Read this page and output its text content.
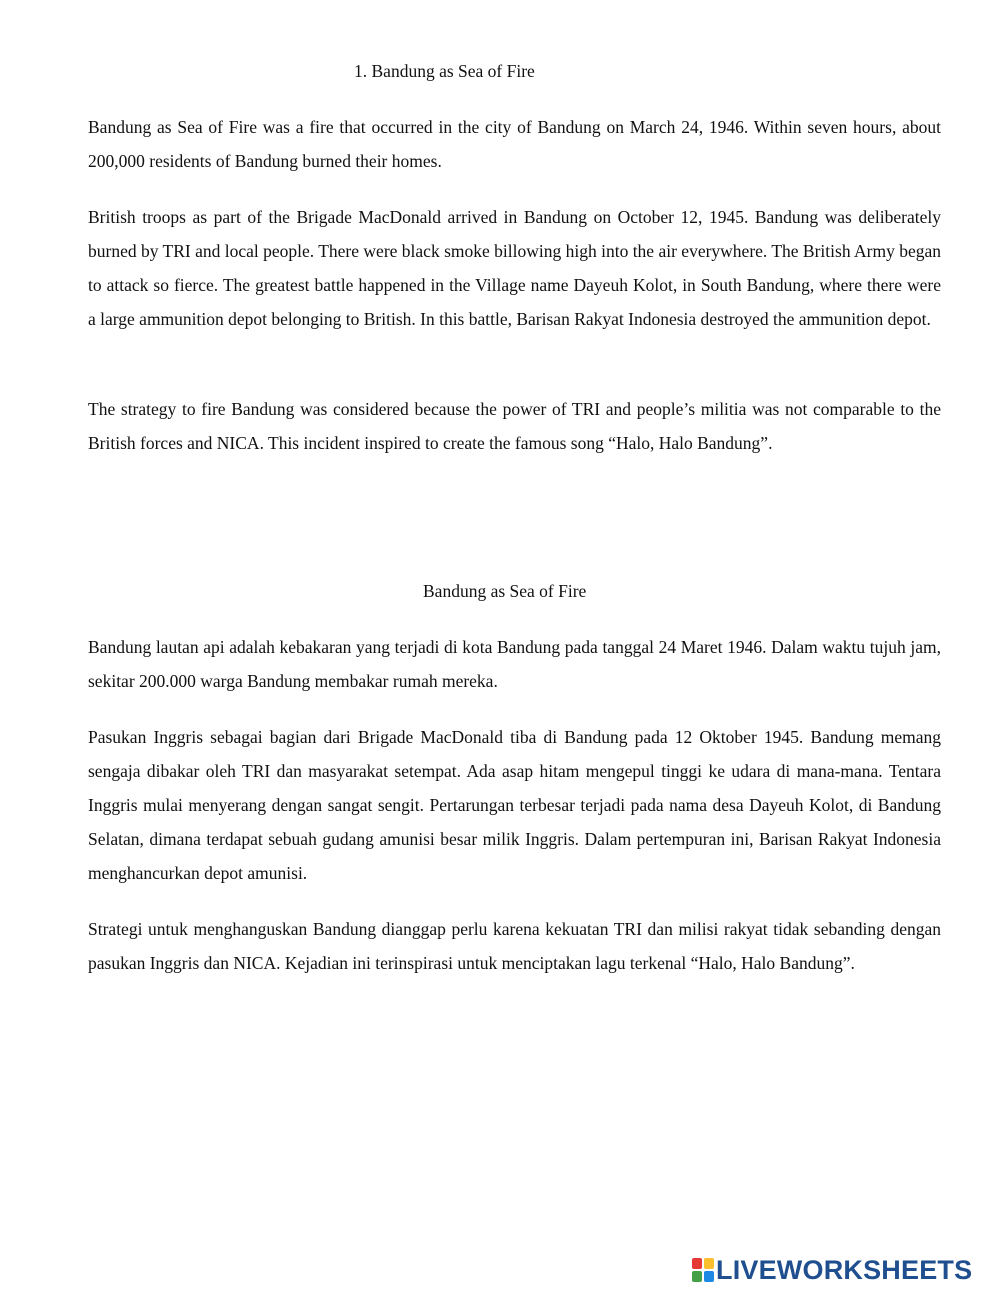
1. Bandung as Sea of Fire

Bandung as Sea of Fire was a fire that occurred in the city of Bandung on March 24, 1946. Within seven hours, about 200,000 residents of Bandung burned their homes.

British troops as part of the Brigade MacDonald arrived in Bandung on October 12, 1945. Bandung was deliberately burned by TRI and local people. There were black smoke billowing high into the air everywhere. The British Army began to attack so fierce. The greatest battle happened in the Village name Dayeuh Kolot, in South Bandung, where there were a large ammunition depot belonging to British. In this battle, Barisan Rakyat Indonesia destroyed the ammunition depot.

The strategy to fire Bandung was considered because the power of TRI and people’s militia was not comparable to the British forces and NICA. This incident inspired to create the famous song “Halo, Halo Bandung”.

Bandung as Sea of Fire

Bandung lautan api adalah kebakaran yang terjadi di kota Bandung pada tanggal 24 Maret 1946. Dalam waktu tujuh jam, sekitar 200.000 warga Bandung membakar rumah mereka.

Pasukan Inggris sebagai bagian dari Brigade MacDonald tiba di Bandung pada 12 Oktober 1945. Bandung memang sengaja dibakar oleh TRI dan masyarakat setempat. Ada asap hitam mengepul tinggi ke udara di mana-mana. Tentara Inggris mulai menyerang dengan sangat sengit. Pertarungan terbesar terjadi pada nama desa Dayeuh Kolot, di Bandung Selatan, dimana terdapat sebuah gudang amunisi besar milik Inggris. Dalam pertempuran ini, Barisan Rakyat Indonesia menghancurkan depot amunisi.

Strategi untuk menghanguskan Bandung dianggap perlu karena kekuatan TRI dan milisi rakyat tidak sebanding dengan pasukan Inggris dan NICA. Kejadian ini terinspirasi untuk menciptakan lagu terkenal “Halo, Halo Bandung”.

LIVEWORKSHEETS
